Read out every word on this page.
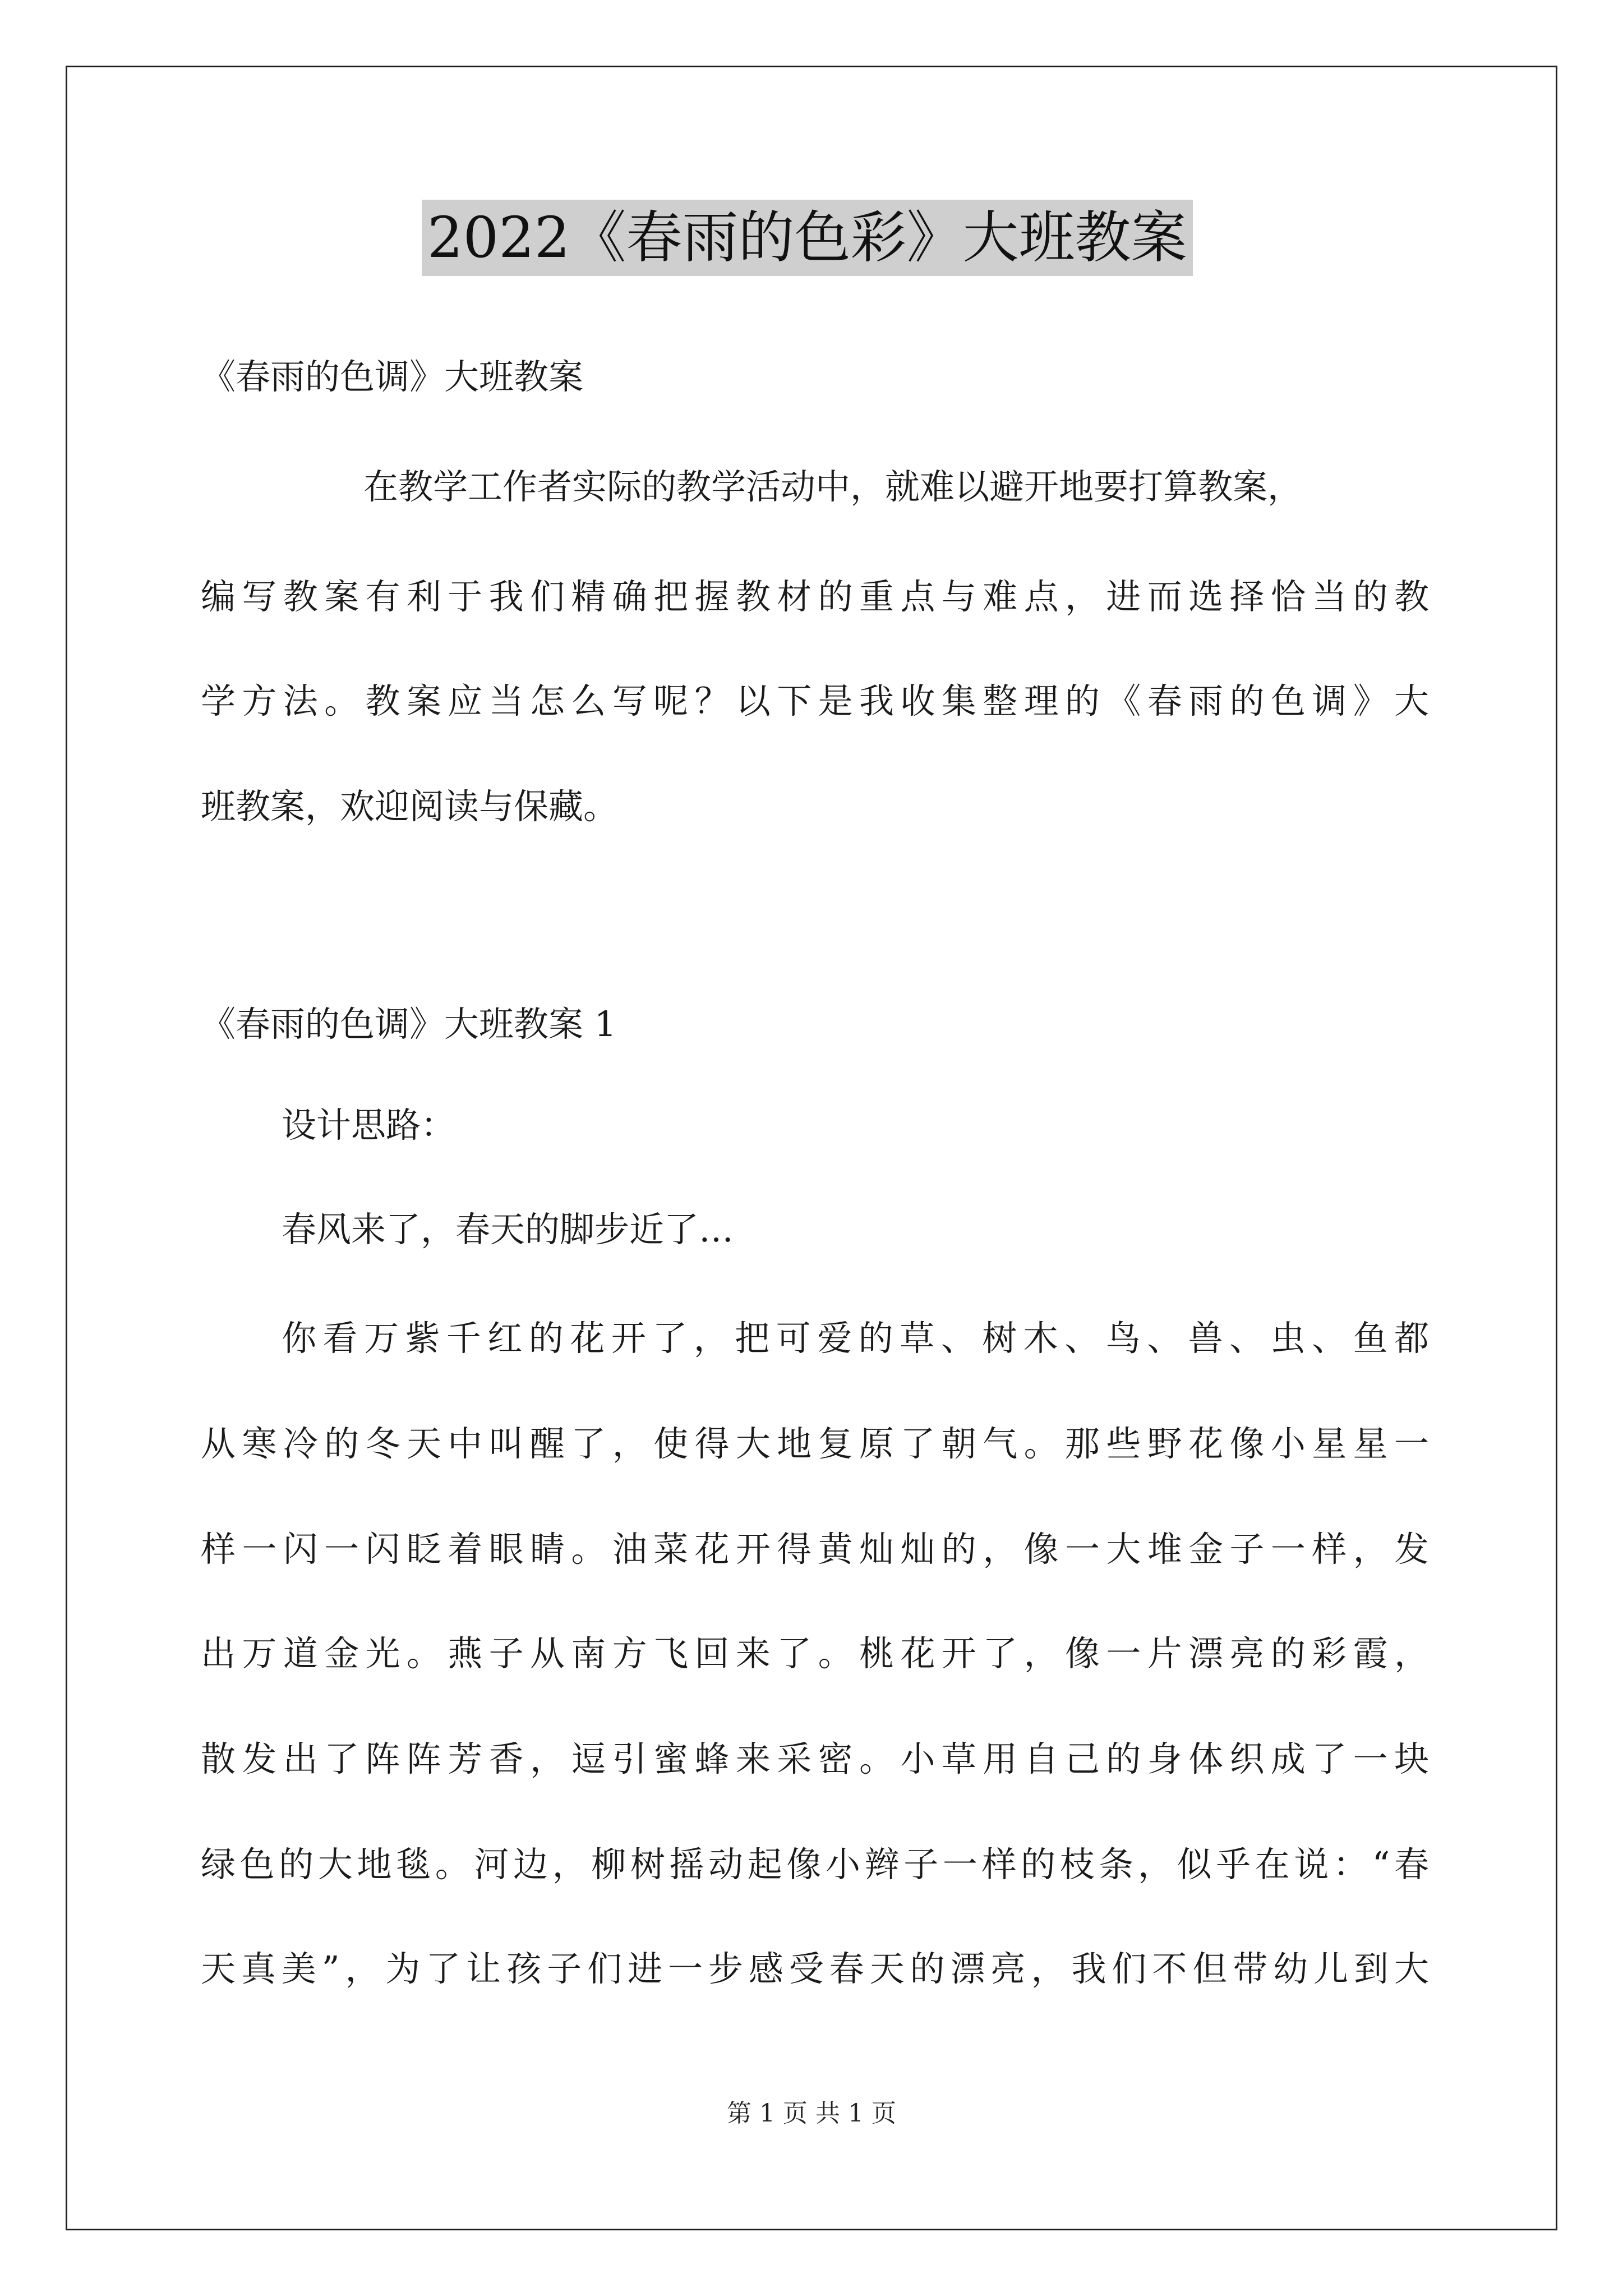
2022《春雨的色彩》大班教案
《春雨的色调》大班教案
在教学工作者实际的教学活动中，就难以避开地要打算教案，
编写教案有利于我们精确把握教材的重点与难点，进而选择恰当的教
学方法。教案应当怎么写呢？以下是我收集整理的《春雨的色调》大
班教案，欢迎阅读与保藏。
《春雨的色调》大班教案 1
设计思路：
春风来了，春天的脚步近了…
你看万紫千红的花开了，把可爱的草、树木、鸟、兽、虫、鱼都
从寒冷的冬天中叫醒了，使得大地复原了朝气。那些野花像小星星一
样一闪一闪眨着眼睛。油菜花开得黄灿灿的，像一大堆金子一样，发
出万道金光。燕子从南方飞回来了。桃花开了，像一片漂亮的彩霞，
散发出了阵阵芳香，逗引蜜蜂来采密。小草用自己的身体织成了一块
绿色的大地毯。河边，柳树摇动起像小辫子一样的枝条，似乎在说：“春
天真美”，为了让孩子们进一步感受春天的漂亮，我们不但带幼儿到大
第 1 页 共 1 页
